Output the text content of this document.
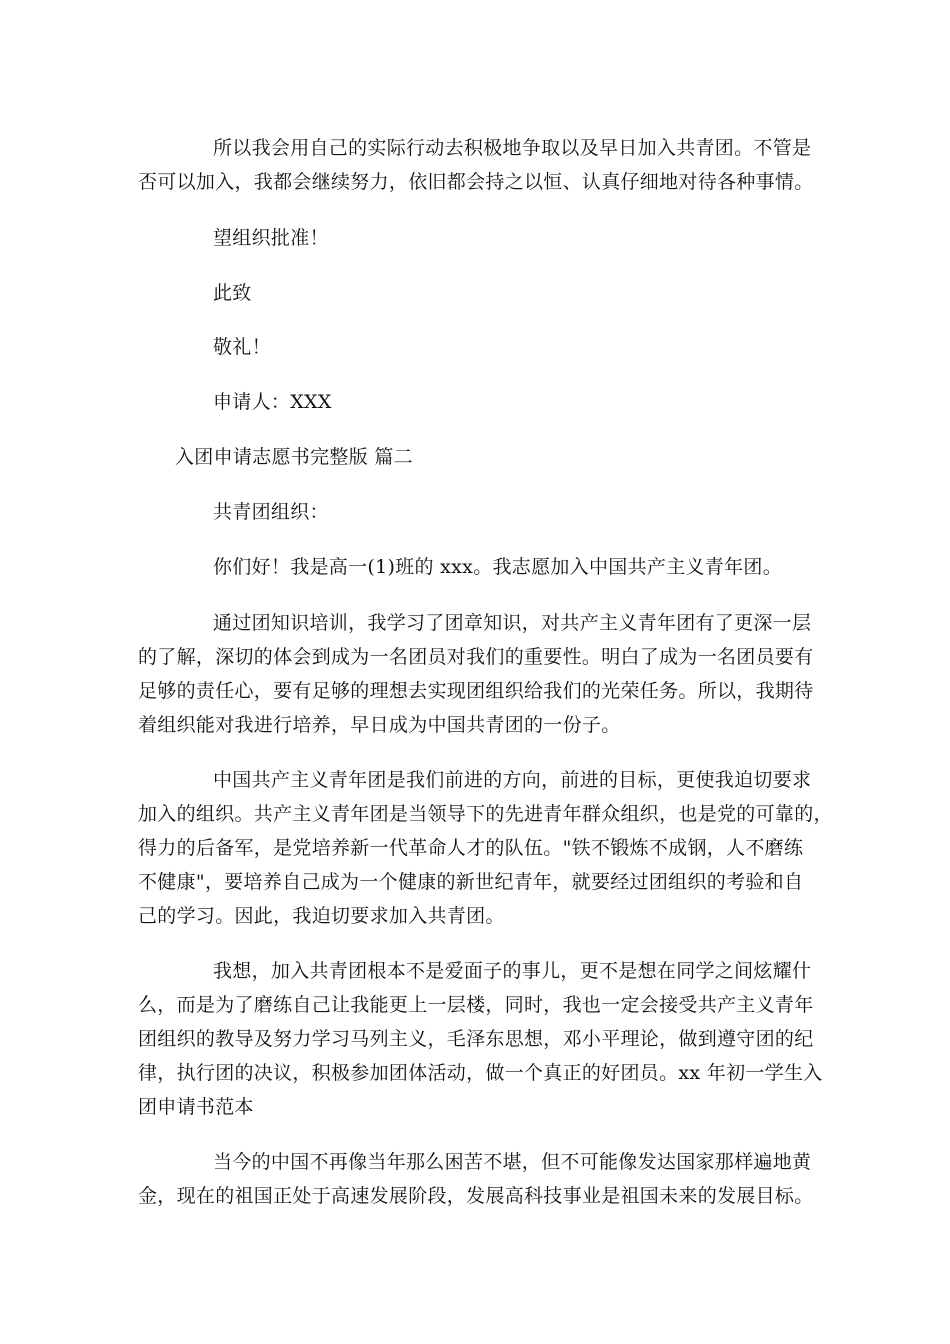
所以我会用自己的实际行动去积极地争取以及早日加入共青团。不管是
否可以加入，我都会继续努力，依旧都会持之以恒、认真仔细地对待各种事情。
望组织批准！
此致
敬礼！
申请人：XXX
入团申请志愿书完整版 篇二
共青团组织：
你们好！我是高一(1)班的 xxx。我志愿加入中国共产主义青年团。
通过团知识培训，我学习了团章知识，对共产主义青年团有了更深一层
的了解，深切的体会到成为一名团员对我们的重要性。明白了成为一名团员要有
足够的责任心，要有足够的理想去实现团组织给我们的光荣任务。所以，我期待
着组织能对我进行培养，早日成为中国共青团的一份子。
中国共产主义青年团是我们前进的方向，前进的目标，更使我迫切要求
加入的组织。共产主义青年团是当领导下的先进青年群众组织，也是党的可靠的，
得力的后备军，是党培养新一代革命人才的队伍。"铁不锻炼不成钢，人不磨练
不健康"，要培养自己成为一个健康的新世纪青年，就要经过团组织的考验和自
己的学习。因此，我迫切要求加入共青团。
我想，加入共青团根本不是爱面子的事儿，更不是想在同学之间炫耀什
么，而是为了磨练自己让我能更上一层楼，同时，我也一定会接受共产主义青年
团组织的教导及努力学习马列主义，毛泽东思想，邓小平理论，做到遵守团的纪
律，执行团的决议，积极参加团体活动，做一个真正的好团员。xx 年初一学生入
团申请书范本
当今的中国不再像当年那么困苦不堪，但不可能像发达国家那样遍地黄
金，现在的祖国正处于高速发展阶段，发展高科技事业是祖国未来的发展目标。
